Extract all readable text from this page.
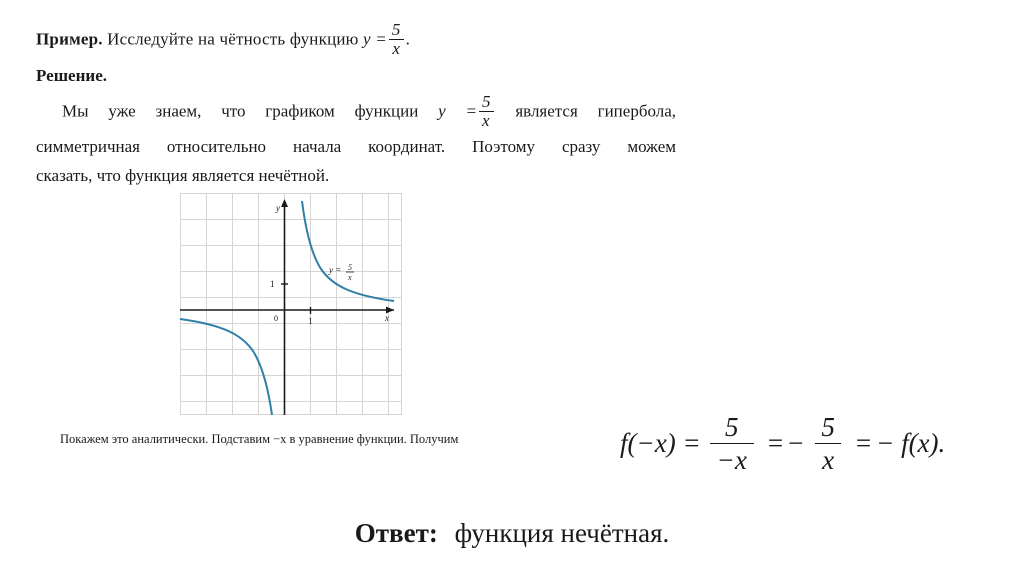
Пример. Исследуйте на чётность функцию $y = \frac{5}{x}$ .
Решение.
Мы уже знаем, что графиком функции $y = \frac{5}{x}$ является гипербола,
симметричная относительно начала координат. Поэтому сразу можем
сказать, что функция является нечётной.
y
x
0
1
1
y = 5
x
Покажем это аналитически. Подставим −x в уравнение функции. Получим	$f(-x) = \frac{5}{-x}$ = − $\frac{5}{x}$ = − f(x).
Ответ: функция нечётная.
